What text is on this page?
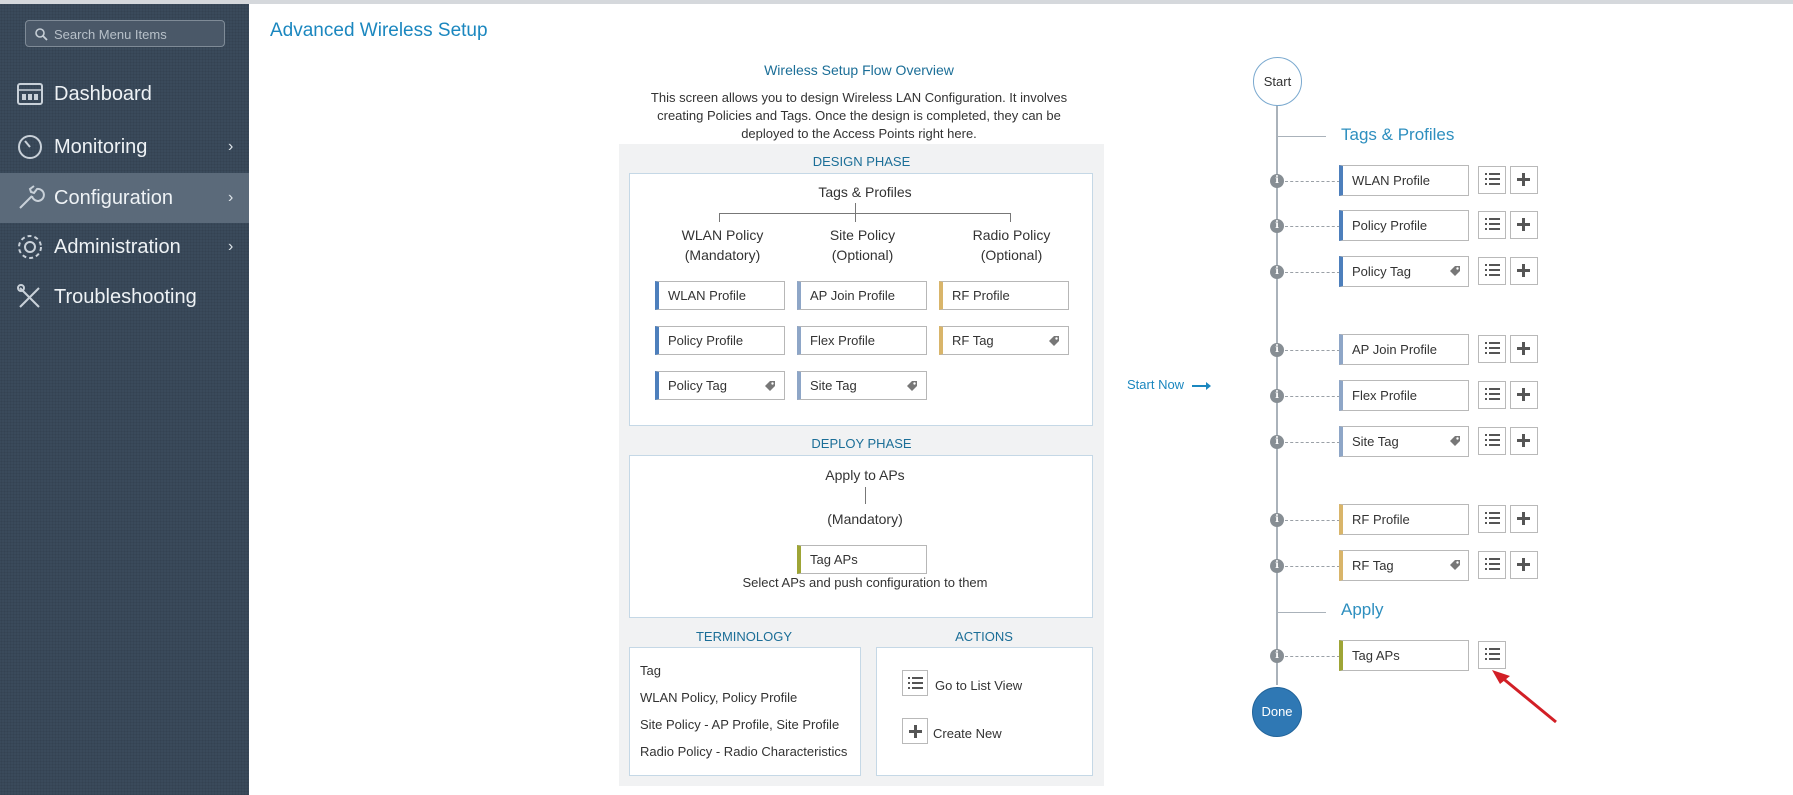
Search Menu Items
Dashboard
Monitoring	›
Configuration	›
Administration	›
Troubleshooting
Advanced Wireless Setup
Wireless Setup Flow Overview
This screen allows you to design Wireless LAN Configuration. It involves creating Policies and Tags. Once the design is completed, they can be deployed to the Access Points right here.
DESIGN PHASE
Tags & Profiles
WLAN Policy
(Mandatory)
Site Policy
(Optional)
Radio Policy
(Optional)
WLAN Profile
Policy Profile
Policy Tag
AP Join Profile
Flex Profile
Site Tag
RF Profile
RF Tag
DEPLOY PHASE
Apply to APs
(Mandatory)
Tag APs
Select APs and push configuration to them
TERMINOLOGY	ACTIONS
Tag
WLAN Policy, Policy Profile
Site Policy - AP Profile, Site Profile
Radio Policy - Radio Characteristics
Go to List View
Create New
Start Now
Start
Tags & Profiles
i	WLAN Profile
i	Policy Profile
i	Policy Tag
i	AP Join Profile
i	Flex Profile
i	Site Tag
i	RF Profile
i	RF Tag
i	Tag APs
Apply
Done
